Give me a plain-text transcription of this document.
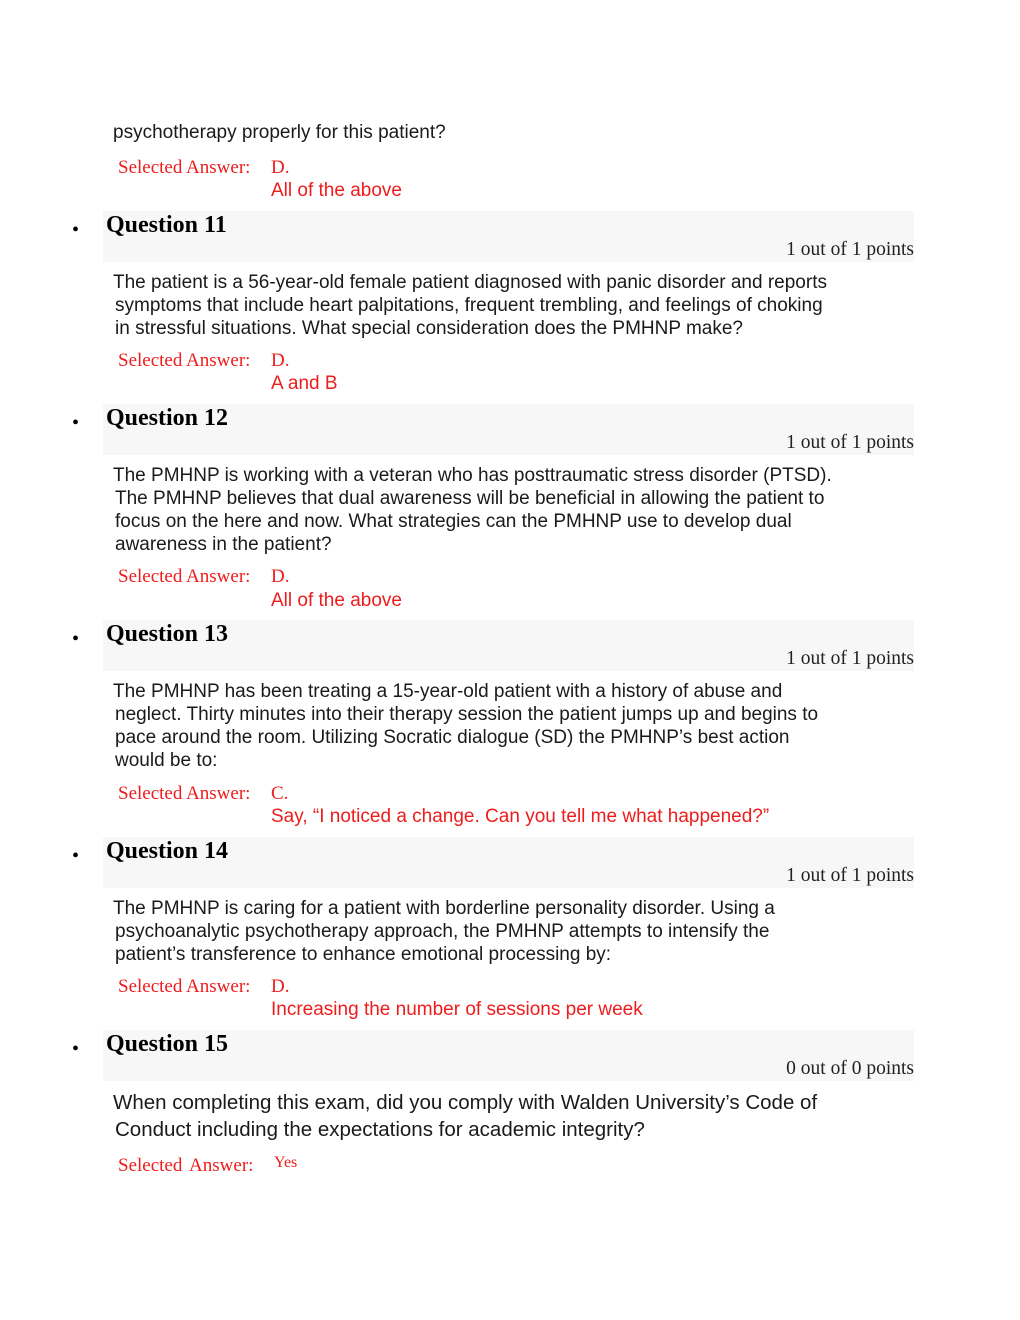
psychotherapy properly for this patient?
Selected Answer: D.
All of the above
• Question 11
1 out of 1 points
The patient is a 56-year-old female patient diagnosed with panic disorder and reports
symptoms that include heart palpitations, frequent trembling, and feelings of choking
in stressful situations. What special consideration does the PMHNP make?
Selected Answer: D.
A and B
• Question 12
1 out of 1 points
The PMHNP is working with a veteran who has posttraumatic stress disorder (PTSD).
The PMHNP believes that dual awareness will be beneficial in allowing the patient to
focus on the here and now. What strategies can the PMHNP use to develop dual
awareness in the patient?
Selected Answer: D.
All of the above
• Question 13
1 out of 1 points
The PMHNP has been treating a 15-year-old patient with a history of abuse and
neglect. Thirty minutes into their therapy session the patient jumps up and begins to
pace around the room. Utilizing Socratic dialogue (SD) the PMHNP’s best action
would be to:
Selected Answer: C.
Say, “I noticed a change. Can you tell me what happened?”
• Question 14
1 out of 1 points
The PMHNP is caring for a patient with borderline personality disorder. Using a
psychoanalytic psychotherapy approach, the PMHNP attempts to intensify the
patient’s transference to enhance emotional processing by:
Selected Answer: D.
Increasing the number of sessions per week
• Question 15
0 out of 0 points
When completing this exam, did you comply with Walden University’s Code of
Conduct including the expectations for academic integrity?
Selected Answer: Yes
